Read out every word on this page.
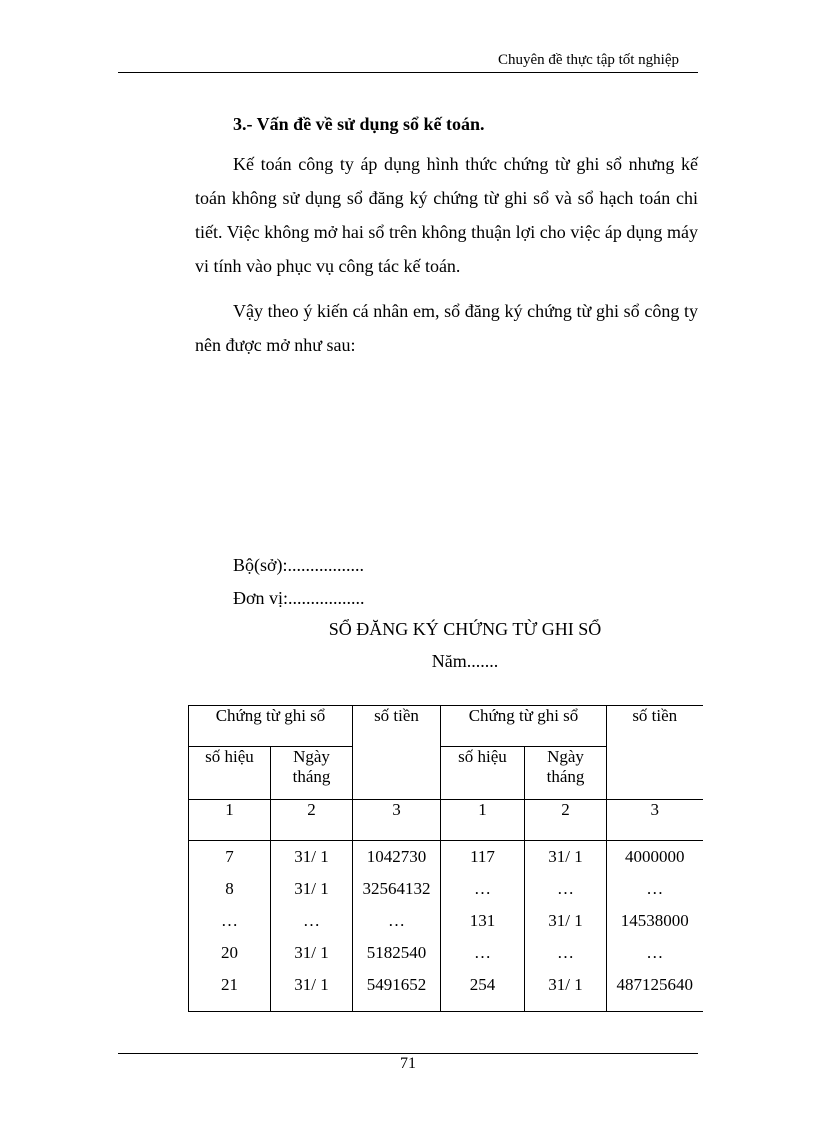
Chuyên đề thực tập tốt nghiệp
3.- Vấn đề về sử dụng sổ kế toán.

Kế toán công ty áp dụng hình thức chứng từ ghi sổ nhưng kế toán không sử dụng sổ đăng ký chứng từ ghi sổ và sổ hạch toán chi tiết. Việc không mở hai sổ trên không thuận lợi cho việc áp dụng máy vi tính vào phục vụ công tác kế toán.

Vậy theo ý kiến cá nhân em, sổ đăng ký chứng từ ghi sổ công ty nên được mở như sau:

Bộ(sở):.................
Đơn vị:.................
SỔ ĐĂNG KÝ CHỨNG TỪ GHI SỔ
Năm.......
Chứng từ ghi sổ		số tiền	Chứng từ ghi sổ		số tiền
số hiệu	Ngày tháng		số hiệu	Ngày tháng	
1	2	3	1	2	3
7	31/ 1	1042730	117	31/ 1	4000000
8	31/ 1	32564132	…	…	…
…	…	…	131	31/ 1	14538000
20	31/ 1	5182540	…	…	…
21	31/ 1	5491652	254	31/ 1	487125640
71
